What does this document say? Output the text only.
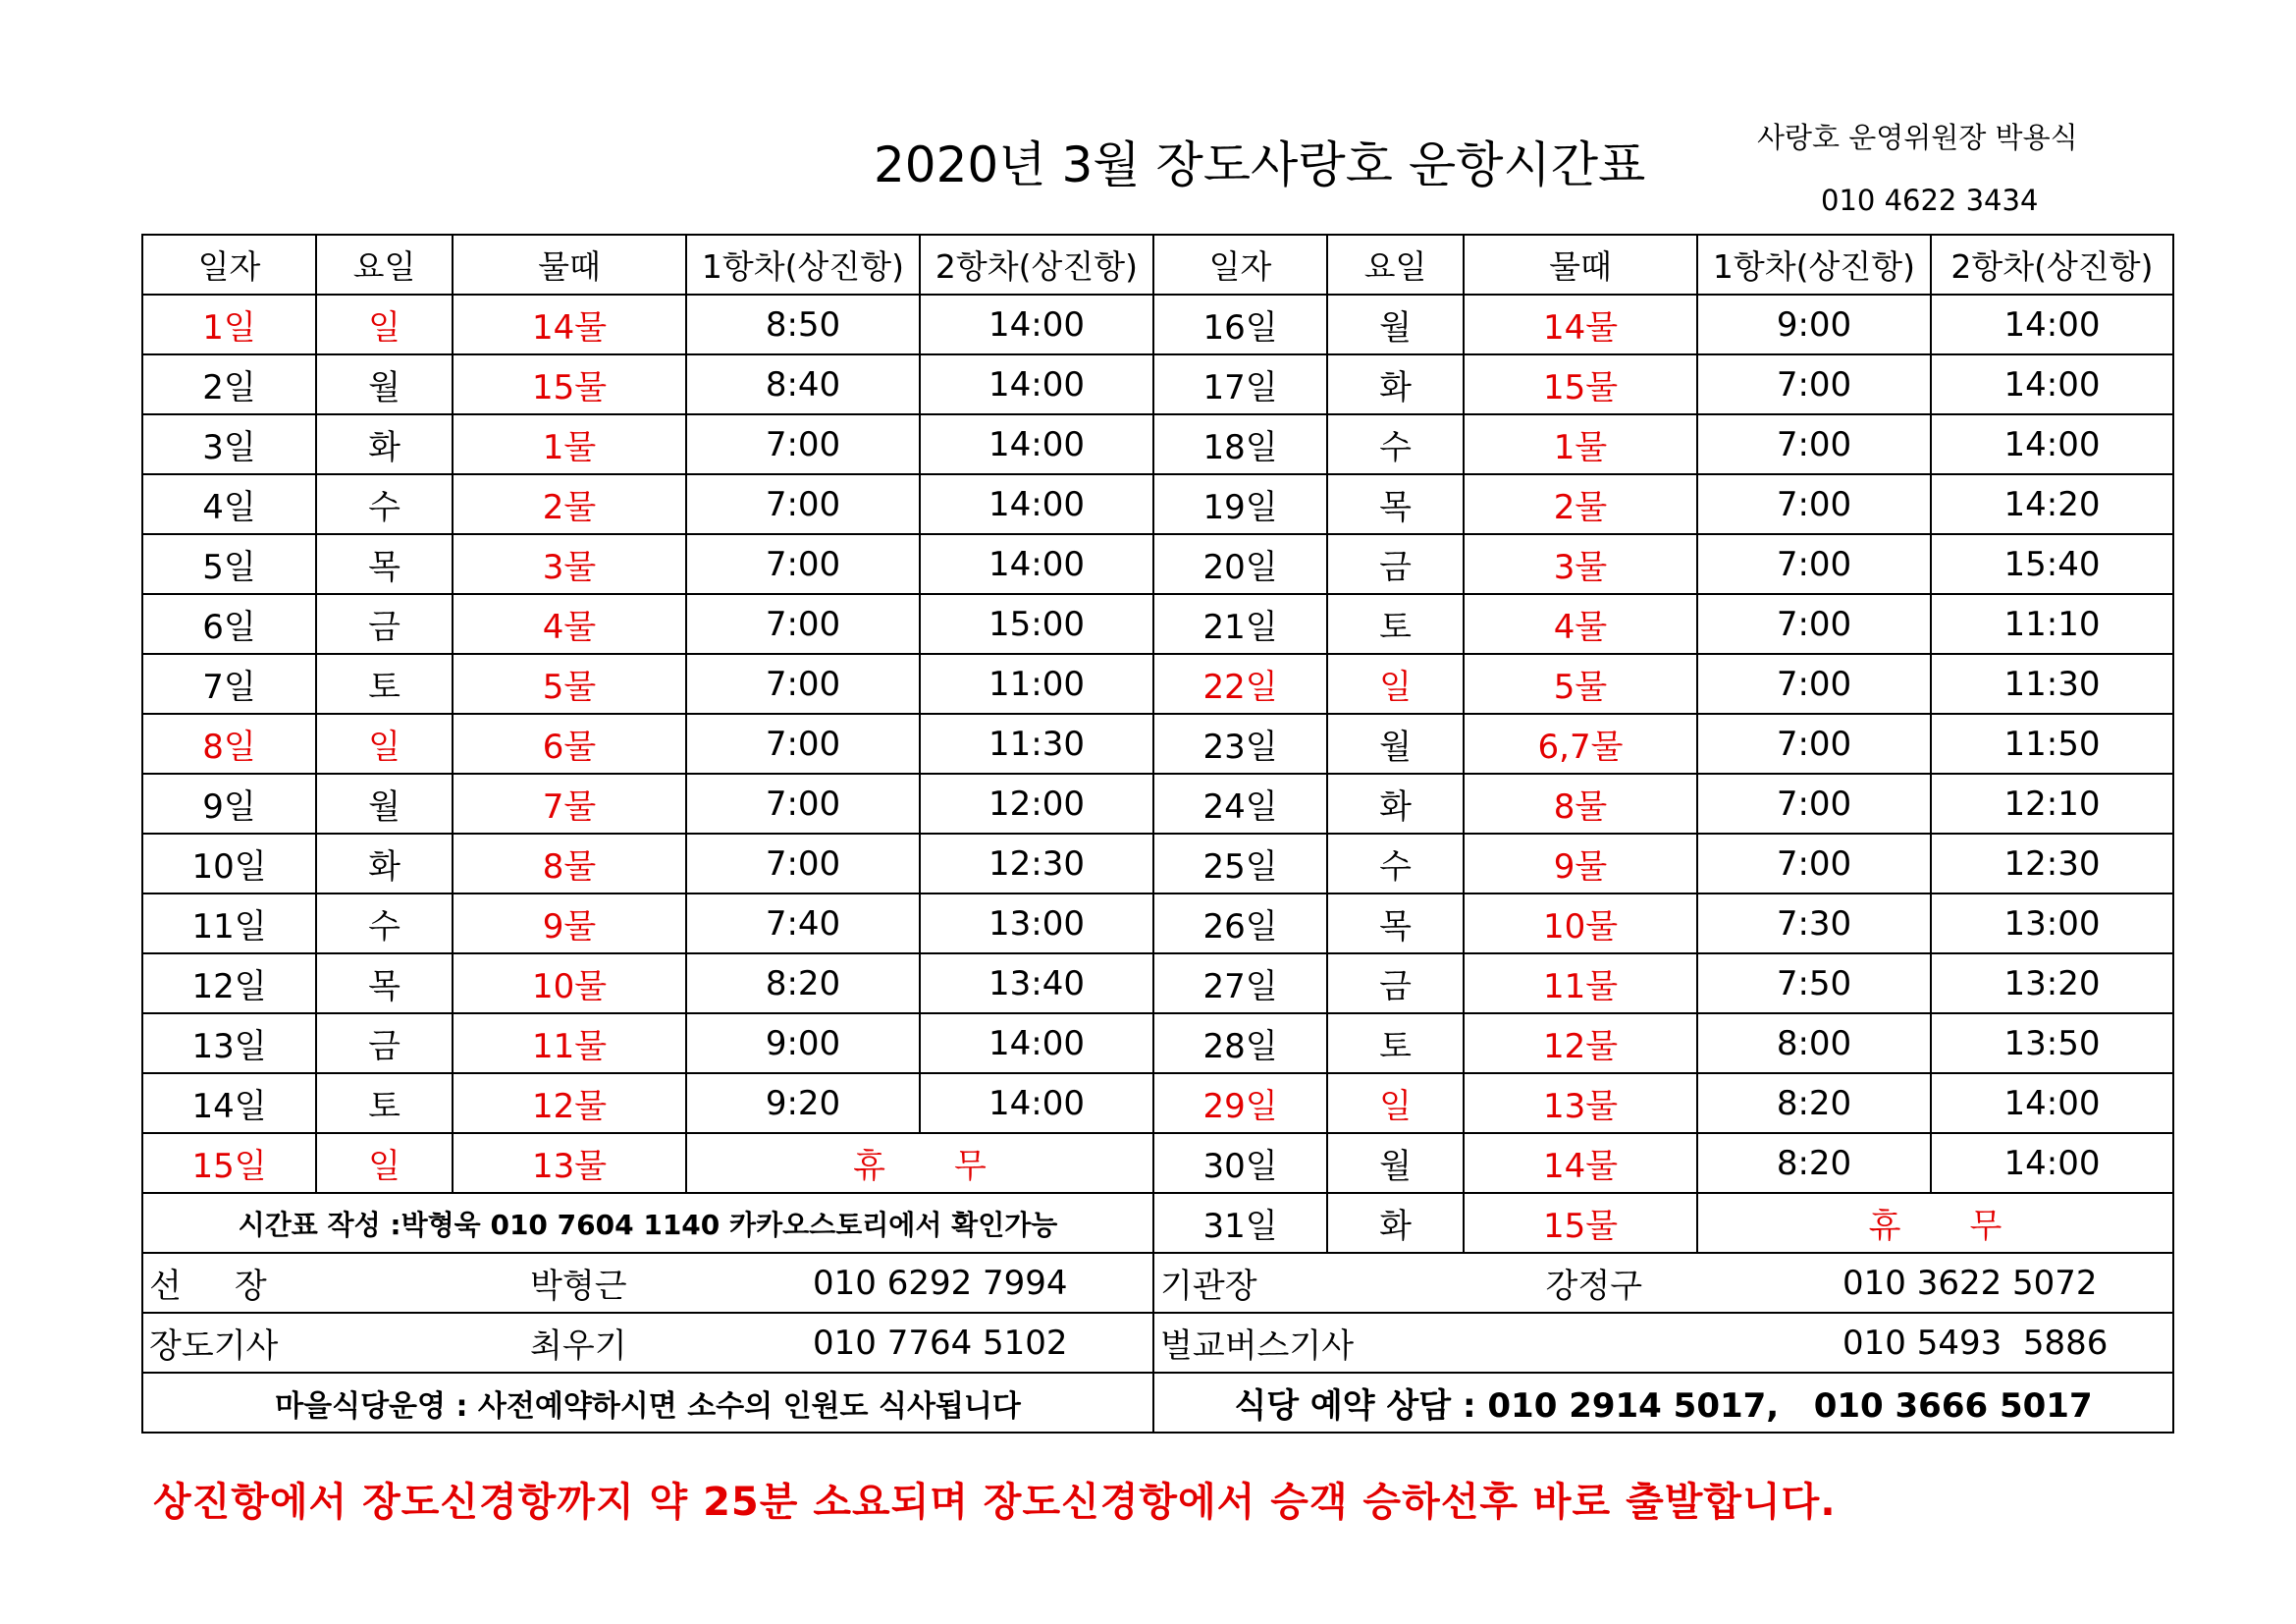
2020년 3월 장도사랑호 운항시간표	사랑호 운영위원장 박용식
010 4622 3434
일자	요일	물때	1항차(상진항)	2항차(상진항)	일자	요일	물때	1항차(상진항)	2항차(상진항)
1일	일	14물	8:50	14:00	16일	월	14물	9:00	14:00
2일	월	15물	8:40	14:00	17일	화	15물	7:00	14:00
3일	화	1물	7:00	14:00	18일	수	1물	7:00	14:00
4일	수	2물	7:00	14:00	19일	목	2물	7:00	14:20
5일	목	3물	7:00	14:00	20일	금	3물	7:00	15:40
6일	금	4물	7:00	15:00	21일	토	4물	7:00	11:10
7일	토	5물	7:00	11:00	22일	일	5물	7:00	11:30
8일	일	6물	7:00	11:30	23일	월	6,7물	7:00	11:50
9일	월	7물	7:00	12:00	24일	화	8물	7:00	12:10
10일	화	8물	7:00	12:30	25일	수	9물	7:00	12:30
11일	수	9물	7:40	13:00	26일	목	10물	7:30	13:00
12일	목	10물	8:20	13:40	27일	금	11물	7:50	13:20
13일	금	11물	9:00	14:00	28일	토	12물	8:00	13:50
14일	토	12물	9:20	14:00	29일	일	13물	8:20	14:00
15일	일	13물	휴 무		30일	월	14물	8:20	14:00
시간표 작성 :박형욱 010 7604 1140 카카오스토리에서 확인가능					31일	화	15물	휴 무	

선     장 박형근 010 6292 7994					기관장 강정구 010 3622 5072				

장도기사 최우기 010 7764 5102					벌교버스기사 010 5493  5886				

마을식당운영 : 사전예약하시면 소수의 인원도 식사됩니다					식당 예약 상담 : 010 2914 5017,   010 3666 5017				
상진항에서 장도신경항까지 약 25분 소요되며 장도신경항에서 승객 승하선후 바로 출발합니다.
